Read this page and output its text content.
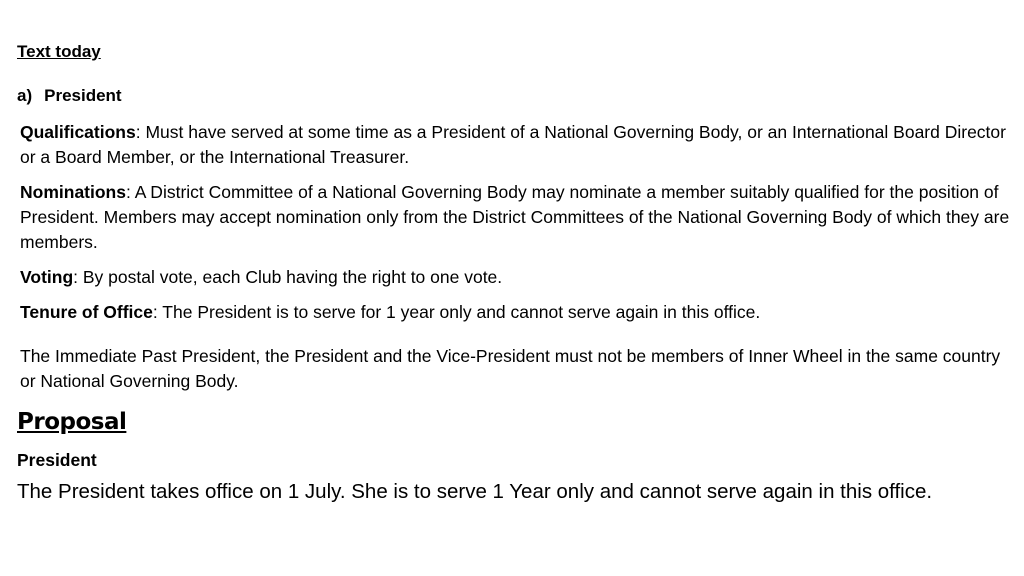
Text today
a) President
Qualifications: Must have served at some time as a President of a National Governing Body, or an International Board Director or a Board Member, or the International Treasurer.
Nominations: A District Committee of a National Governing Body may nominate a member suitably qualified for the position of President. Members may accept nomination only from the District Committees of the National Governing Body of which they are members.
Voting: By postal vote, each Club having the right to one vote.
Tenure of Office: The President is to serve for 1 year only and cannot serve again in this office.
The Immediate Past President, the President and the Vice-President must not be members of Inner Wheel in the same country or National Governing Body.
Proposal
President
The President takes office on 1 July. She is to serve 1 Year only and cannot serve again in this office.
